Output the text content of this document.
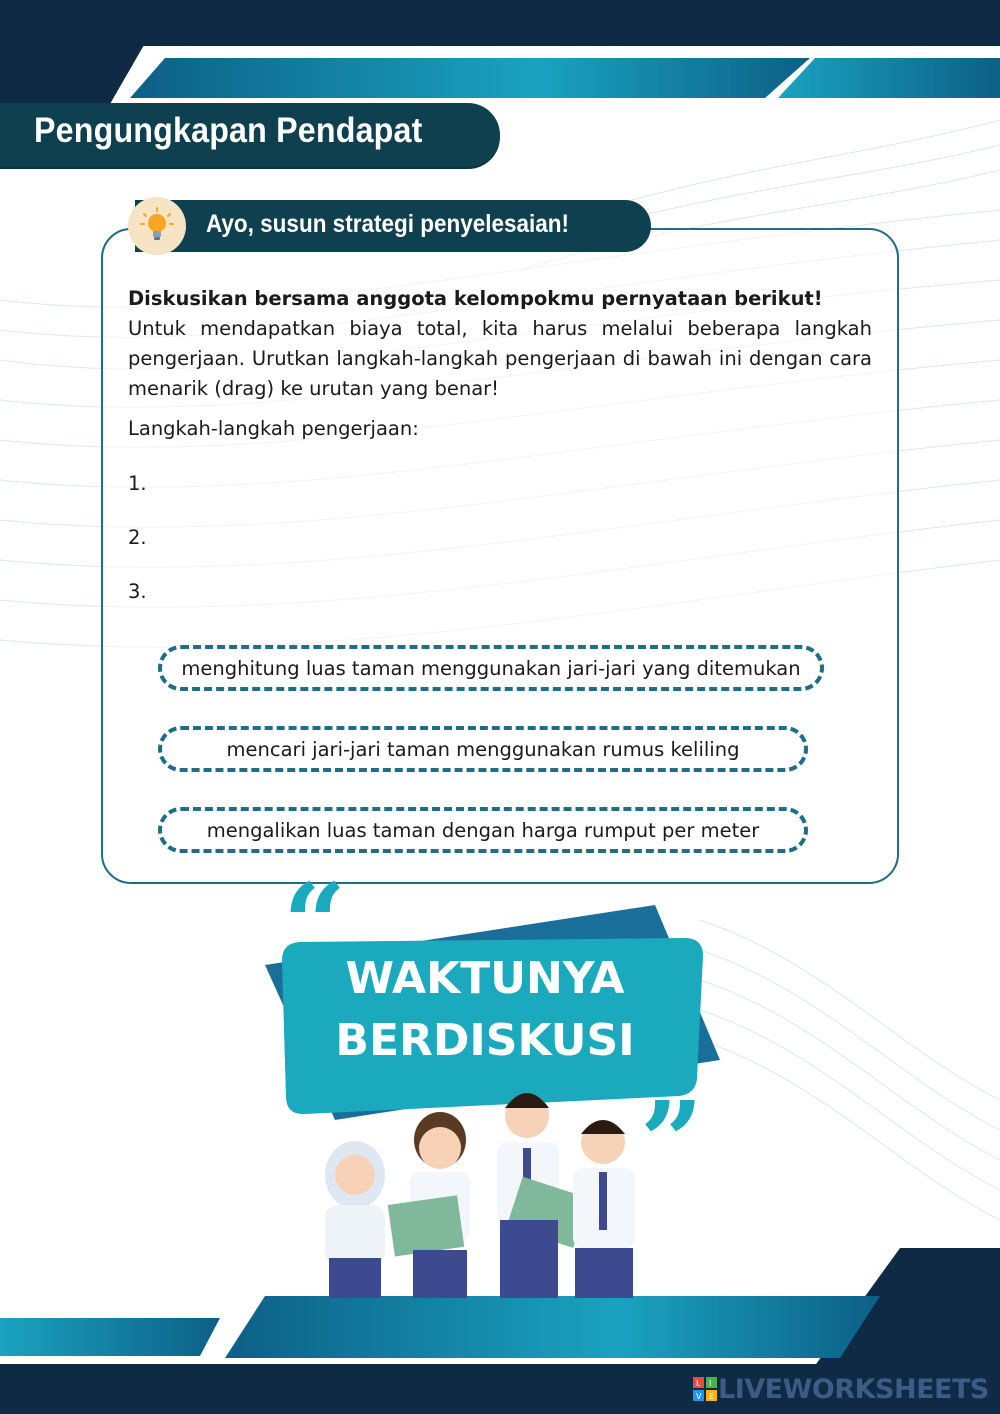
Pengungkapan Pendapat
Ayo, susun strategi penyelesaian!
Diskusikan bersama anggota kelompokmu pernyataan berikut!
Untuk mendapatkan biaya total, kita harus melalui beberapa langkah pengerjaan. Urutkan langkah-langkah pengerjaan di bawah ini dengan cara menarik (drag) ke urutan yang benar!
Langkah-langkah pengerjaan:
1.
2.
3.
menghitung luas taman menggunakan jari-jari yang ditemukan
mencari jari-jari taman menggunakan rumus keliling
mengalikan luas taman dengan harga rumput per meter
“
”
WAKTUNYA
BERDISKUSI
L I
V E LIVEWORKSHEETS
